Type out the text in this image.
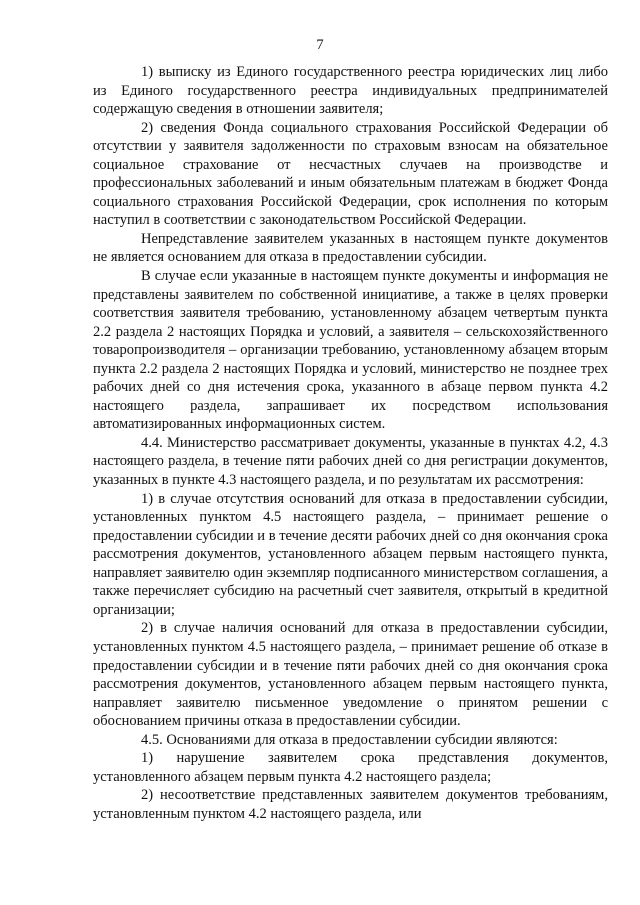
7

1) выписку из Единого государственного реестра юридических лиц либо из Единого государственного реестра индивидуальных предпринимателей содержащую сведения в отношении заявителя;

2) сведения Фонда социального страхования Российской Федерации об отсутствии у заявителя задолженности по страховым взносам на обязательное социальное страхование от несчастных случаев на производстве и профессиональных заболеваний и иным обязательным платежам в бюджет Фонда социального страхования Российской Федерации, срок исполнения по которым наступил в соответствии с законодательством Российской Федерации.

Непредставление заявителем указанных в настоящем пункте документов не является основанием для отказа в предоставлении субсидии.

В случае если указанные в настоящем пункте документы и информация не представлены заявителем по собственной инициативе, а также в целях проверки соответствия заявителя требованию, установленному абзацем четвертым пункта 2.2 раздела 2 настоящих Порядка и условий, а заявителя – сельскохозяйственного товаропроизводителя – организации требованию, установленному абзацем вторым пункта 2.2 раздела 2 настоящих Порядка и условий, министерство не позднее трех рабочих дней со дня истечения срока, указанного в абзаце первом пункта 4.2 настоящего раздела, запрашивает их посредством использования автоматизированных информационных систем.

4.4. Министерство рассматривает документы, указанные в пунктах 4.2, 4.3 настоящего раздела, в течение пяти рабочих дней со дня регистрации документов, указанных в пункте 4.3 настоящего раздела, и по результатам их рассмотрения:

1) в случае отсутствия оснований для отказа в предоставлении субсидии, установленных пунктом 4.5 настоящего раздела, – принимает решение о предоставлении субсидии и в течение десяти рабочих дней со дня окончания срока рассмотрения документов, установленного абзацем первым настоящего пункта, направляет заявителю один экземпляр подписанного министерством соглашения, а также перечисляет субсидию на расчетный счет заявителя, открытый в кредитной организации;

2) в случае наличия оснований для отказа в предоставлении субсидии, установленных пунктом 4.5 настоящего раздела, – принимает решение об отказе в предоставлении субсидии и в течение пяти рабочих дней со дня окончания срока рассмотрения документов, установленного абзацем первым настоящего пункта, направляет заявителю письменное уведомление о принятом решении с обоснованием причины отказа в предоставлении субсидии.

4.5. Основаниями для отказа в предоставлении субсидии являются:

1) нарушение заявителем срока представления документов, установленного абзацем первым пункта 4.2 настоящего раздела;

2) несоответствие представленных заявителем документов требованиям, установленным пунктом 4.2 настоящего раздела, или
